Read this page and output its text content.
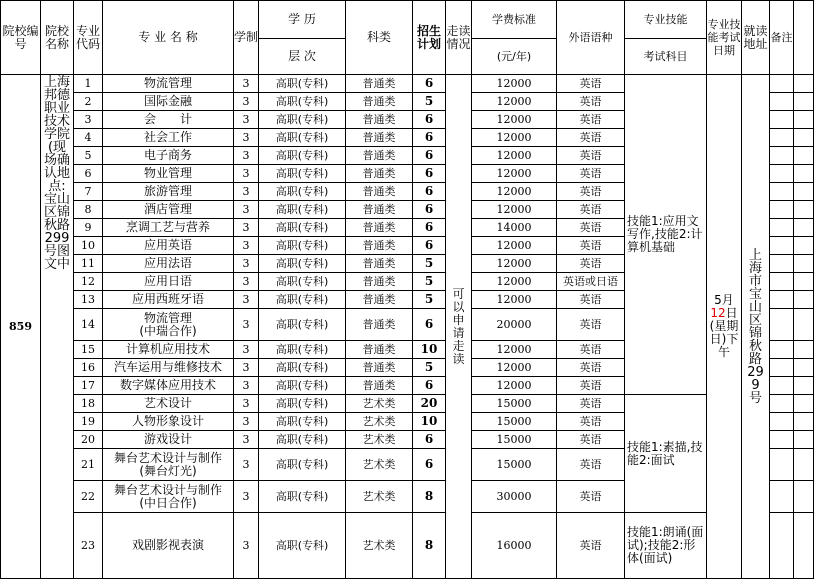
院校编号	院校名称	专业代码	专 业 名 称	学制	学 历	科类	招生计划	走读情况	学费标准	外语语种	专业技能	专业技能考试日期	就读地址	备注	
					层 次				(元/年)		考试科目				
859	上海邦德职业技术学院(现场确认地点:宝山区锦秋路299号图文中	1	物流管理	3	高职(专科)	普通类	6	可以申请走读	12000	英语	技能1:应用文写作,技能2:计算机基础	5月12日(星期日)下午	上海市宝山区锦秋路299号		
		2	国际金融	3	高职(专科)	普通类	5		12000	英语					
		3	会　　计	3	高职(专科)	普通类	6		12000	英语					
		4	社会工作	3	高职(专科)	普通类	6		12000	英语					
		5	电子商务	3	高职(专科)	普通类	6		12000	英语					
		6	物业管理	3	高职(专科)	普通类	6		12000	英语					
		7	旅游管理	3	高职(专科)	普通类	6		12000	英语					
		8	酒店管理	3	高职(专科)	普通类	6		12000	英语					
		9	烹调工艺与营养	3	高职(专科)	普通类	6		14000	英语					
		10	应用英语	3	高职(专科)	普通类	6		12000	英语					
		11	应用法语	3	高职(专科)	普通类	5		12000	英语					
		12	应用日语	3	高职(专科)	普通类	5		12000	英语或日语					
		13	应用西班牙语	3	高职(专科)	普通类	5		12000	英语					
		14	物流管理
(中瑞合作)	3	高职(专科)	普通类	6		20000	英语					
		15	计算机应用技术	3	高职(专科)	普通类	10		12000	英语					
		16	汽车运用与维修技术	3	高职(专科)	普通类	5		12000	英语					
		17	数字媒体应用技术	3	高职(专科)	普通类	6		12000	英语					
		18	艺术设计	3	高职(专科)	艺术类	20		15000	英语	技能1:素描,技能2:面试				
		19	人物形象设计	3	高职(专科)	艺术类	10		15000	英语					
		20	游戏设计	3	高职(专科)	艺术类	6		15000	英语					
		21	舞台艺术设计与制作
(舞台灯光)	3	高职(专科)	艺术类	6		15000	英语					
		22	舞台艺术设计与制作
(中日合作)	3	高职(专科)	艺术类	8		30000	英语					
		23	戏剧影视表演	3	高职(专科)	艺术类	8		16000	英语	技能1:朗诵(面试);技能2:形体(面试)				
